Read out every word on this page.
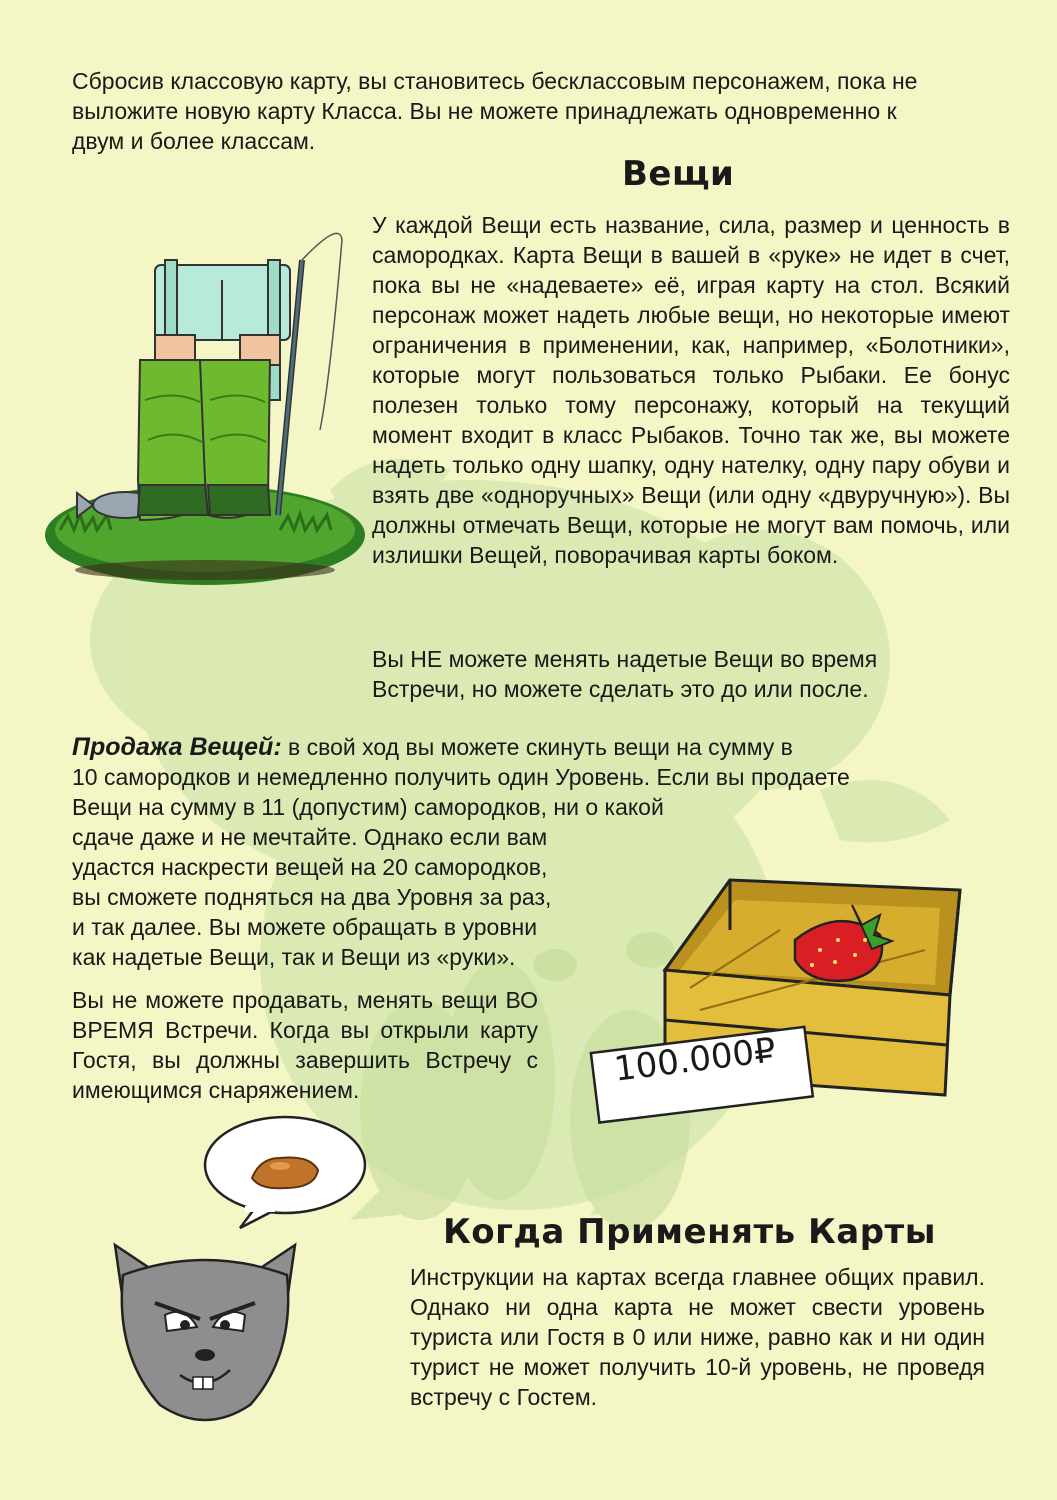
Сбросив классовую карту, вы становитесь бесклассовым персонажем, пока не выложите новую карту Класса. Вы не можете принадлежать одновременно к двум и более классам.
Вещи
У каждой Вещи есть название, сила, размер и ценность в самородках. Карта Вещи в вашей в «руке» не идет в счет, пока вы не «надеваете» её, играя карту на стол. Всякий персонаж может надеть любые вещи, но некоторые имеют ограничения в применении, как, например, «Болотники», которые могут пользоваться только Рыбаки. Ее бонус полезен только тому персонажу, который на текущий момент входит в класс Рыбаков. Точно так же, вы можете надеть только одну шапку, одну нателку, одну пару обуви и взять две «одноручных» Вещи (или одну «двуручную»). Вы должны отмечать Вещи, которые не могут вам помочь, или излишки Вещей, поворачивая карты боком.
Вы НЕ можете менять надетые Вещи во время Встречи, но можете сделать это до или после.
Продажа Вещей: в свой ход вы можете скинуть вещи на сумму в
10 самородков и немедленно получить один Уровень. Если вы продаете
Вещи на сумму в 11 (допустим) самородков, ни о какой
сдаче даже и не мечтайте. Однако если вам
удастся наскрести вещей на 20 самородков,
вы сможете подняться на два Уровня за раз,
и так далее. Вы можете обращать в уровни
как надетые Вещи, так и Вещи из «руки».
Вы не можете продавать, менять вещи ВО ВРЕМЯ Встречи. Когда вы открыли карту Гостя, вы должны завершить Встречу с имеющимся снаряжением.
100.000₽
Когда Применять Карты
Инструкции на картах всегда главнее общих правил. Однако ни одна карта не может свести уровень туриста или Гостя в 0 или ниже, равно как и ни один турист не может получить 10-й уровень, не проведя встречу с Гостем.
